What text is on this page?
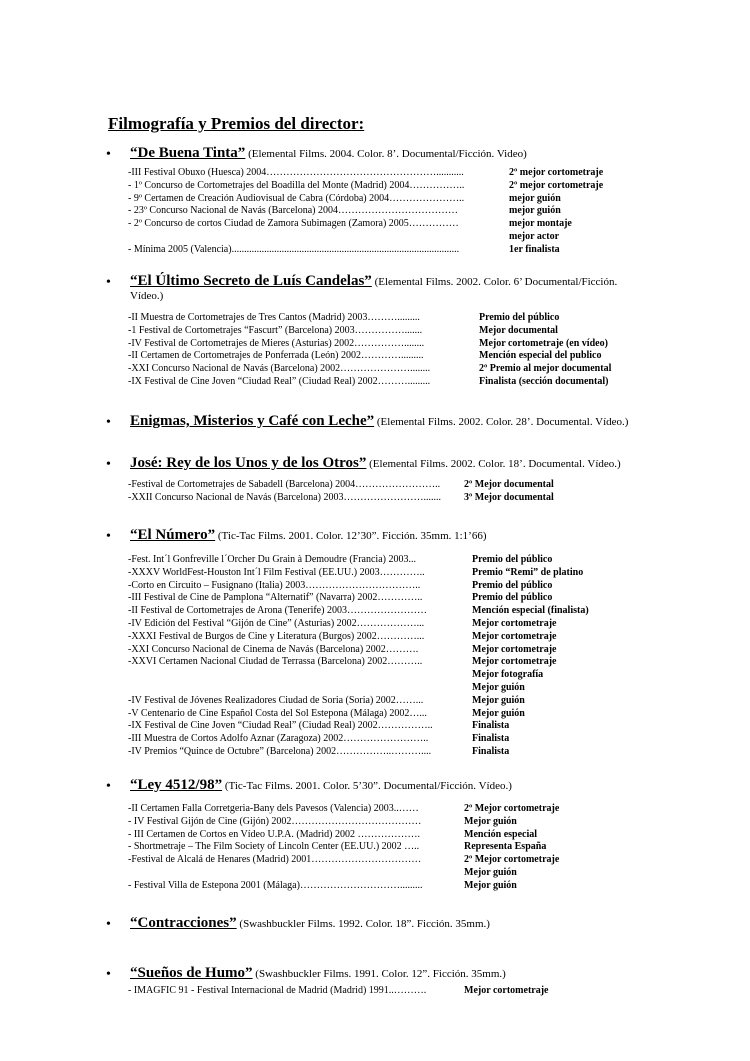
Filmografía y Premios del director:
• “De Buena Tinta” (Elemental Films. 2004. Color. 8’. Documental/Ficción. Video)
-III Festival Obuxo (Huesca) 2004……………………………………………...........	2º mejor cortometraje
- 1º Concurso de Cortometrajes del Boadilla del Monte (Madrid) 2004……………..	2º mejor cortometraje
- 9º Certamen de Creación Audiovisual de Cabra (Córdoba) 2004…………………..	mejor guión
- 23º Concurso Nacional de Navás (Barcelona) 2004………………………………	mejor guión
- 2º Concurso de cortos Ciudad de Zamora Subimagen (Zamora) 2005……………	mejor montaje
mejor actor
- Mínima 2005 (Valencia)...........................................................................................	1er finalista
• “El Último Secreto de Luís Candelas” (Elemental Films. 2002. Color. 6’ Documental/Ficción. Vídeo.)
-II Muestra de Cortometrajes de Tres Cantos (Madrid) 2003……….........	Premio del público
-1 Festival de Cortometrajes “Fascurt” (Barcelona) 2003…………….......	Mejor documental
-IV Festival de Cortometrajes de Mieres (Asturias) 2002……………........	Mejor cortometraje (en vídeo)
-II Certamen de Cortometrajes de Ponferrada (León) 2002………….........	Mención especial del publico
-XXI Concurso Nacional de Navás (Barcelona) 2002…………………........	2º Premio al mejor documental
-IX Festival de Cine Joven “Ciudad Real” (Ciudad Real) 2002……….........	Finalista (sección documental)
• Enigmas, Misterios y Café con Leche” (Elemental Films. 2002. Color. 28’. Documental. Vídeo.)
• José: Rey de los Unos y de los Otros” (Elemental Films. 2002. Color. 18’. Documental. Vídeo.)
-Festival de Cortometrajes de Sabadell (Barcelona) 2004…………………….. 2º Mejor documental
-XXII Concurso Nacional de Navás (Barcelona) 2003……………………....... 3º Mejor documental
• “El Número” (Tic-Tac Films. 2001. Color. 12’30”. Ficción. 35mm. 1:1’66)
-Fest. Int´l Gonfreville l´Orcher Du Grain à Demoudre (Francia) 2003...	Premio del público
-XXXV WorldFest-Houston Int´l Film Festival (EE.UU.) 2003…………..	Premio “Remi” de platino
-Corto en Circuito – Fusignano (Italia) 2003……………………………..	Premio del público
-III Festival de Cine de Pamplona “Alternatif” (Navarra) 2002…………..	Premio del público
-II Festival de Cortometrajes de Arona (Tenerife) 2003……………………	Mención especial (finalista)
-IV Edición del Festival “Gijón de Cine” (Asturias) 2002………………...	Mejor cortometraje
-XXXI Festival de Burgos de Cine y Literatura (Burgos) 2002…………...	Mejor cortometraje
-XXI Concurso Nacional de Cinema de Navás (Barcelona) 2002……….	Mejor cortometraje
-XXVI Certamen Nacional Ciudad de Terrassa (Barcelona) 2002………..	Mejor cortometraje
Mejor fotografía
Mejor guión
-IV Festival de Jóvenes Realizadores Ciudad de Soria (Soria) 2002……...	Mejor guión
-V Centenario de Cine Español Costa del Sol Estepona (Málaga) 2002…...	Mejor guión
-IX Festival de Cine Joven “Ciudad Real” (Ciudad Real) 2002……………..	Finalista
-III Muestra de Cortos Adolfo Aznar (Zaragoza) 2002……………………..	Finalista
-IV Premios “Quince de Octubre” (Barcelona) 2002……………..………....	Finalista
• “Ley 4512/98” (Tic-Tac Films. 2001. Color. 5’30”. Documental/Ficción. Vídeo.)
-II Certamen Falla Corretgeria-Bany dels Pavesos (Valencia) 2003..……	2º Mejor cortometraje
- IV Festival Gijón de Cine (Gijón) 2002…………………………………	Mejor guión
- III Certamen de Cortos en Vídeo U.P.A. (Madrid) 2002 ……………….	Mención especial
- Shortmetraje – The Film Society of Lincoln Center (EE.UU.) 2002 …..	Representa España
-Festival de Alcalá de Henares (Madrid) 2001……………………………	2º Mejor cortometraje
Mejor guión
- Festival Villa de Estepona 2001 (Málaga)………………………….........	Mejor guión
• “Contracciones” (Swashbuckler Films. 1992. Color. 18”. Ficción. 35mm.)
• “Sueños de Humo” (Swashbuckler Films. 1991. Color. 12”. Ficción. 35mm.)
- IMAGFIC 91 - Festival Internacional de Madrid (Madrid) 1991..……….	Mejor cortometraje
